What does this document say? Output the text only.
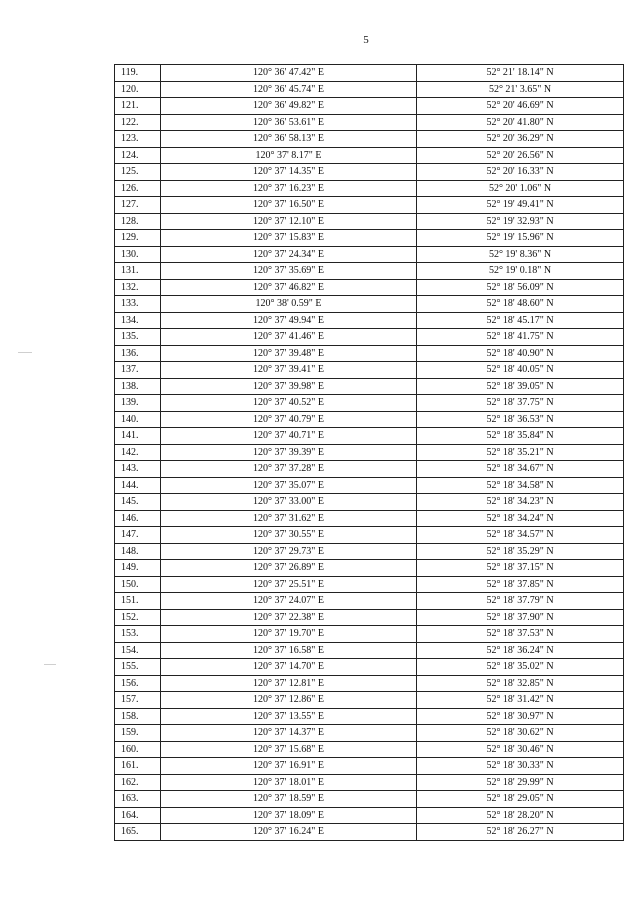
5
119.	120° 36' 47.42" E	52° 21' 18.14" N
120.	120° 36' 45.74" E	52° 21' 3.65" N
121.	120° 36' 49.82" E	52° 20' 46.69" N
122.	120° 36' 53.61" E	52° 20' 41.80" N
123.	120° 36' 58.13" E	52° 20' 36.29" N
124.	120° 37' 8.17" E	52° 20' 26.56" N
125.	120° 37' 14.35" E	52° 20' 16.33" N
126.	120° 37' 16.23" E	52° 20' 1.06" N
127.	120° 37' 16.50" E	52° 19' 49.41" N
128.	120° 37' 12.10" E	52° 19' 32.93" N
129.	120° 37' 15.83" E	52° 19' 15.96" N
130.	120° 37' 24.34" E	52° 19' 8.36" N
131.	120° 37' 35.69" E	52° 19' 0.18" N
132.	120° 37' 46.82" E	52° 18' 56.09" N
133.	120° 38' 0.59" E	52° 18' 48.60" N
134.	120° 37' 49.94" E	52° 18' 45.17" N
135.	120° 37' 41.46" E	52° 18' 41.75" N
136.	120° 37' 39.48" E	52° 18' 40.90" N
137.	120° 37' 39.41" E	52° 18' 40.05" N
138.	120° 37' 39.98" E	52° 18' 39.05" N
139.	120° 37' 40.52" E	52° 18' 37.75" N
140.	120° 37' 40.79" E	52° 18' 36.53" N
141.	120° 37' 40.71" E	52° 18' 35.84" N
142.	120° 37' 39.39" E	52° 18' 35.21" N
143.	120° 37' 37.28" E	52° 18' 34.67" N
144.	120° 37' 35.07" E	52° 18' 34.58" N
145.	120° 37' 33.00" E	52° 18' 34.23" N
146.	120° 37' 31.62" E	52° 18' 34.24" N
147.	120° 37' 30.55" E	52° 18' 34.57" N
148.	120° 37' 29.73" E	52° 18' 35.29" N
149.	120° 37' 26.89" E	52° 18' 37.15" N
150.	120° 37' 25.51" E	52° 18' 37.85" N
151.	120° 37' 24.07" E	52° 18' 37.79" N
152.	120° 37' 22.38" E	52° 18' 37.90" N
153.	120° 37' 19.70" E	52° 18' 37.53" N
154.	120° 37' 16.58" E	52° 18' 36.24" N
155.	120° 37' 14.70" E	52° 18' 35.02" N
156.	120° 37' 12.81" E	52° 18' 32.85" N
157.	120° 37' 12.86" E	52° 18' 31.42" N
158.	120° 37' 13.55" E	52° 18' 30.97" N
159.	120° 37' 14.37" E	52° 18' 30.62" N
160.	120° 37' 15.68" E	52° 18' 30.46" N
161.	120° 37' 16.91" E	52° 18' 30.33" N
162.	120° 37' 18.01" E	52° 18' 29.99" N
163.	120° 37' 18.59" E	52° 18' 29.05" N
164.	120° 37' 18.09" E	52° 18' 28.20" N
165.	120° 37' 16.24" E	52° 18' 26.27" N
